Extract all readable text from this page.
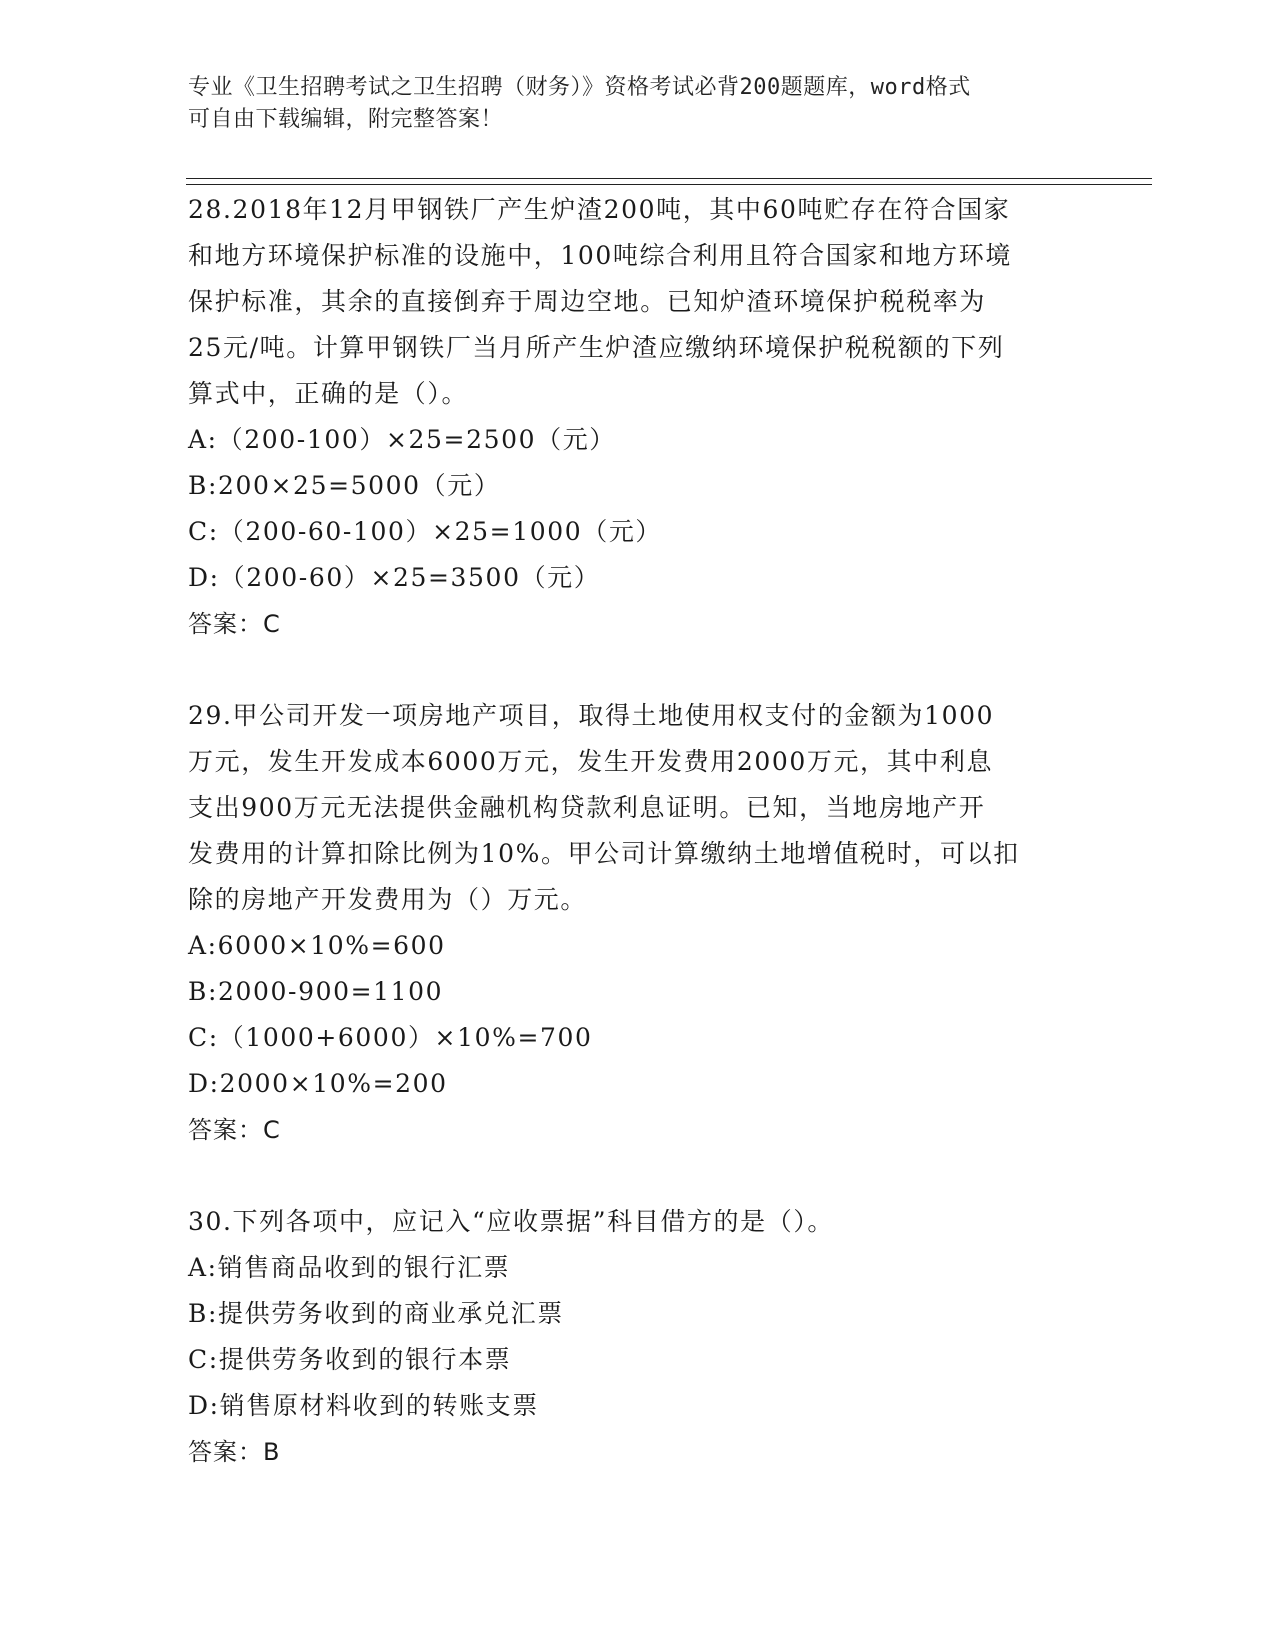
专业《卫生招聘考试之卫生招聘（财务）》资格考试必背200题题库，word格式
可自由下载编辑，附完整答案！
28.2018年12月甲钢铁厂产生炉渣200吨，其中60吨贮存在符合国家
和地方环境保护标准的设施中，100吨综合利用且符合国家和地方环境
保护标准，其余的直接倒弃于周边空地。已知炉渣环境保护税税率为
25元/吨。计算甲钢铁厂当月所产生炉渣应缴纳环境保护税税额的下列
算式中，正确的是（）。
A:（200-100）×25=2500（元）
B:200×25=5000（元）
C:（200-60-100）×25=1000（元）
D:（200-60）×25=3500（元）
答案：C
29.甲公司开发一项房地产项目，取得土地使用权支付的金额为1000
万元，发生开发成本6000万元，发生开发费用2000万元，其中利息
支出900万元无法提供金融机构贷款利息证明。已知，当地房地产开
发费用的计算扣除比例为10%。甲公司计算缴纳土地增值税时，可以扣
除的房地产开发费用为（）万元。
A:6000×10%=600
B:2000-900=1100
C:（1000+6000）×10%=700
D:2000×10%=200
答案：C
30.下列各项中，应记入“应收票据”科目借方的是（）。
A:销售商品收到的银行汇票
B:提供劳务收到的商业承兑汇票
C:提供劳务收到的银行本票
D:销售原材料收到的转账支票
答案：B
